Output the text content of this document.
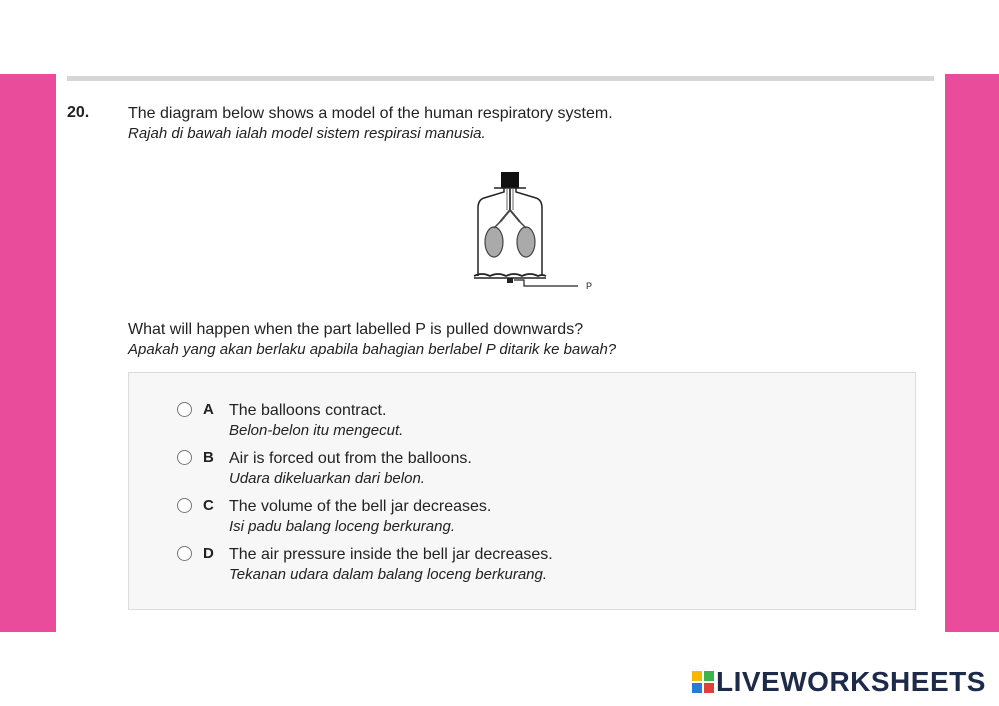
20. The diagram below shows a model of the human respiratory system.
Rajah di bawah ialah model sistem respirasi manusia.
P
What will happen when the part labelled P is pulled downwards?
Apakah yang akan berlaku apabila bahagian berlabel P ditarik ke bawah?
A The balloons contract.
Belon-belon itu mengecut.
B Air is forced out from the balloons.
Udara dikeluarkan dari belon.
C The volume of the bell jar decreases.
Isi padu balang loceng berkurang.
D The air pressure inside the bell jar decreases.
Tekanan udara dalam balang loceng berkurang.
LIVEWORKSHEETS
